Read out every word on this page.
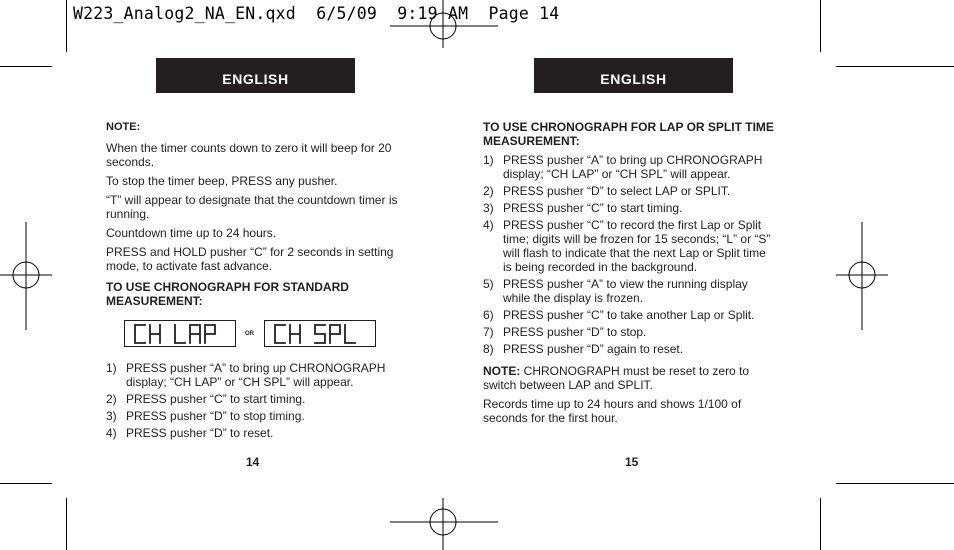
W223_Analog2_NA_EN.qxd  6/5/09  9:19 AM  Page 14
ENGLISH	ENGLISH
NOTE:

When the timer counts down to zero it will beep for 20 seconds.

To stop the timer beep, PRESS any pusher.

“T” will appear to designate that the countdown timer is running.

Countdown time up to 24 hours.

PRESS and HOLD pusher “C” for 2 seconds in setting mode, to activate fast advance.

TO USE CHRONOGRAPH FOR STANDARD MEASUREMENT:
OR
1) PRESS pusher “A” to bring up CHRONOGRAPH display; “CH LAP” or “CH SPL” will appear.
2) PRESS pusher “C” to start timing.
3) PRESS pusher “D” to stop timing.
4) PRESS pusher “D” to reset.
TO USE CHRONOGRAPH FOR LAP OR SPLIT TIME MEASUREMENT:
1) PRESS pusher “A” to bring up CHRONOGRAPH display; “CH LAP” or “CH SPL” will appear.
2) PRESS pusher “D” to select LAP or SPLIT.
3) PRESS pusher “C” to start timing.
4) PRESS pusher “C” to record the first Lap or Split time; digits will be frozen for 15 seconds; “L” or “S” will flash to indicate that the next Lap or Split time is being recorded in the background.
5) PRESS pusher “A” to view the running display while the display is frozen.
6) PRESS pusher “C” to take another Lap or Split.
7) PRESS pusher “D” to stop.
8) PRESS pusher “D” again to reset.

NOTE: CHRONOGRAPH must be reset to zero to switch between LAP and SPLIT.

Records time up to 24 hours and shows 1/100 of seconds for the first hour.

14	15
